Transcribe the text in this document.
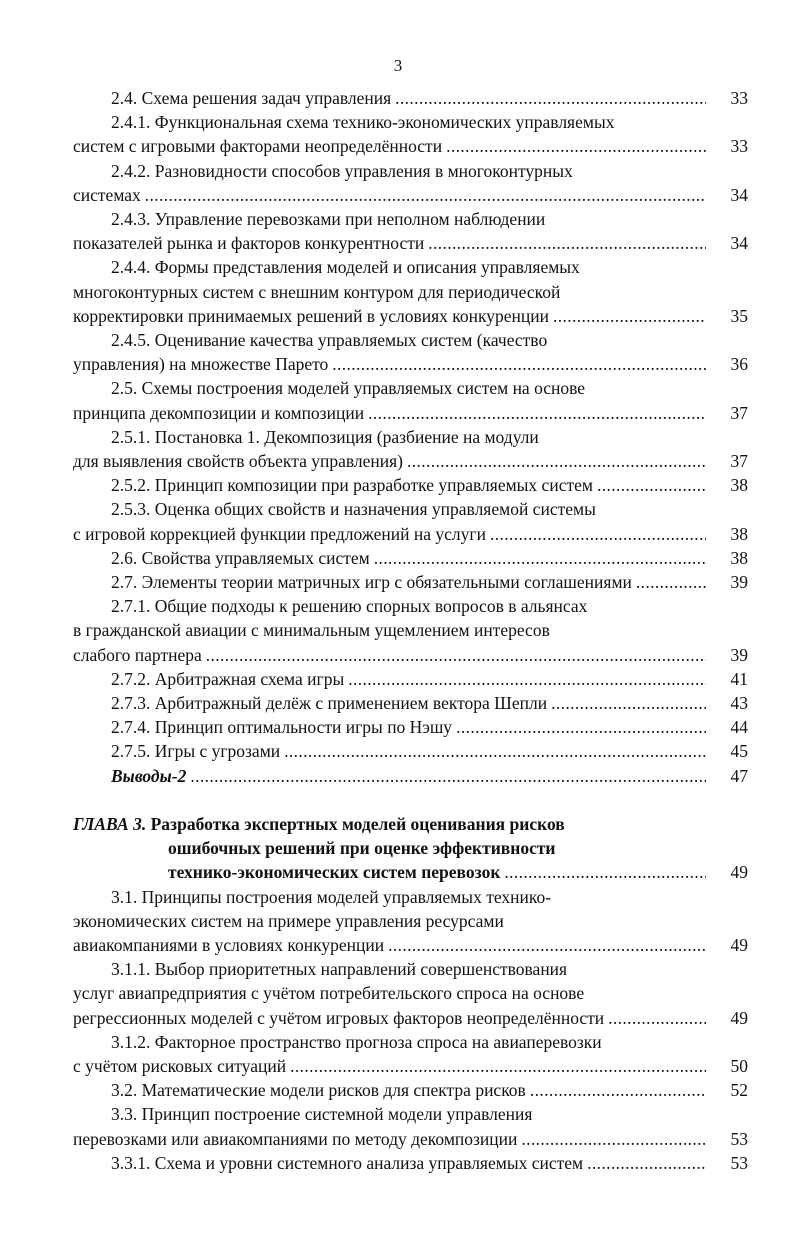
3
2.4. Схема решения задач управления . . .	33
2.4.1. Функциональная схема технико-экономических управляемых
систем с игровыми факторами неопределённости . . .	33
2.4.2. Разновидности способов управления в многоконтурных
системах . . .	34
2.4.3. Управление перевозками при неполном наблюдении
показателей рынка и факторов конкурентности . . .	34
2.4.4. Формы представления моделей и описания управляемых
многоконтурных систем с внешним контуром для периодической
корректировки принимаемых решений в условиях конкуренции . . .	35
2.4.5. Оценивание качества управляемых систем (качество
управления) на множестве Парето . . .	36
2.5. Схемы построения моделей управляемых систем на основе
принципа декомпозиции и композиции . . .	37
2.5.1. Постановка 1. Декомпозиция (разбиение на модули
для выявления свойств объекта управления) . . .	37
2.5.2. Принцип композиции при разработке управляемых систем . . .	38
2.5.3. Оценка общих свойств и назначения управляемой системы
с игровой коррекцией функции предложений на услуги . . .	38
2.6. Свойства управляемых систем . . .	38
2.7. Элементы теории матричных игр с обязательными соглашениями . . .	39
2.7.1. Общие подходы к решению спорных вопросов в альянсах
в гражданской авиации с минимальным ущемлением интересов
слабого партнера . . .	39
2.7.2. Арбитражная схема игры . . .	41
2.7.3. Арбитражный делёж с применением вектора Шепли . . .	43
2.7.4. Принцип оптимальности игры по Нэшу . . .	44
2.7.5. Игры с угрозами . . .	45
Выводы-2 . . .	47
ГЛАВА 3. Разработка экспертных моделей оценивания рисков
ошибочных решений при оценке эффективности
технико-экономических систем перевозок . . .	49
3.1. Принципы построения моделей управляемых технико-
экономических систем на примере управления ресурсами
авиакомпаниями в условиях конкуренции . . .	49
3.1.1. Выбор приоритетных направлений совершенствования
услуг авиапредприятия с учётом потребительского спроса на основе
регрессионных моделей с учётом игровых факторов неопределённости . . .	49
3.1.2. Факторное пространство прогноза спроса на авиаперевозки
с учётом рисковых ситуаций . . .	50
3.2. Математические модели рисков для спектра рисков . . .	52
3.3. Принцип построение системной модели управления
перевозками или авиакомпаниями по методу декомпозиции . . .	53
3.3.1. Схема и уровни системного анализа управляемых систем . . .	53
